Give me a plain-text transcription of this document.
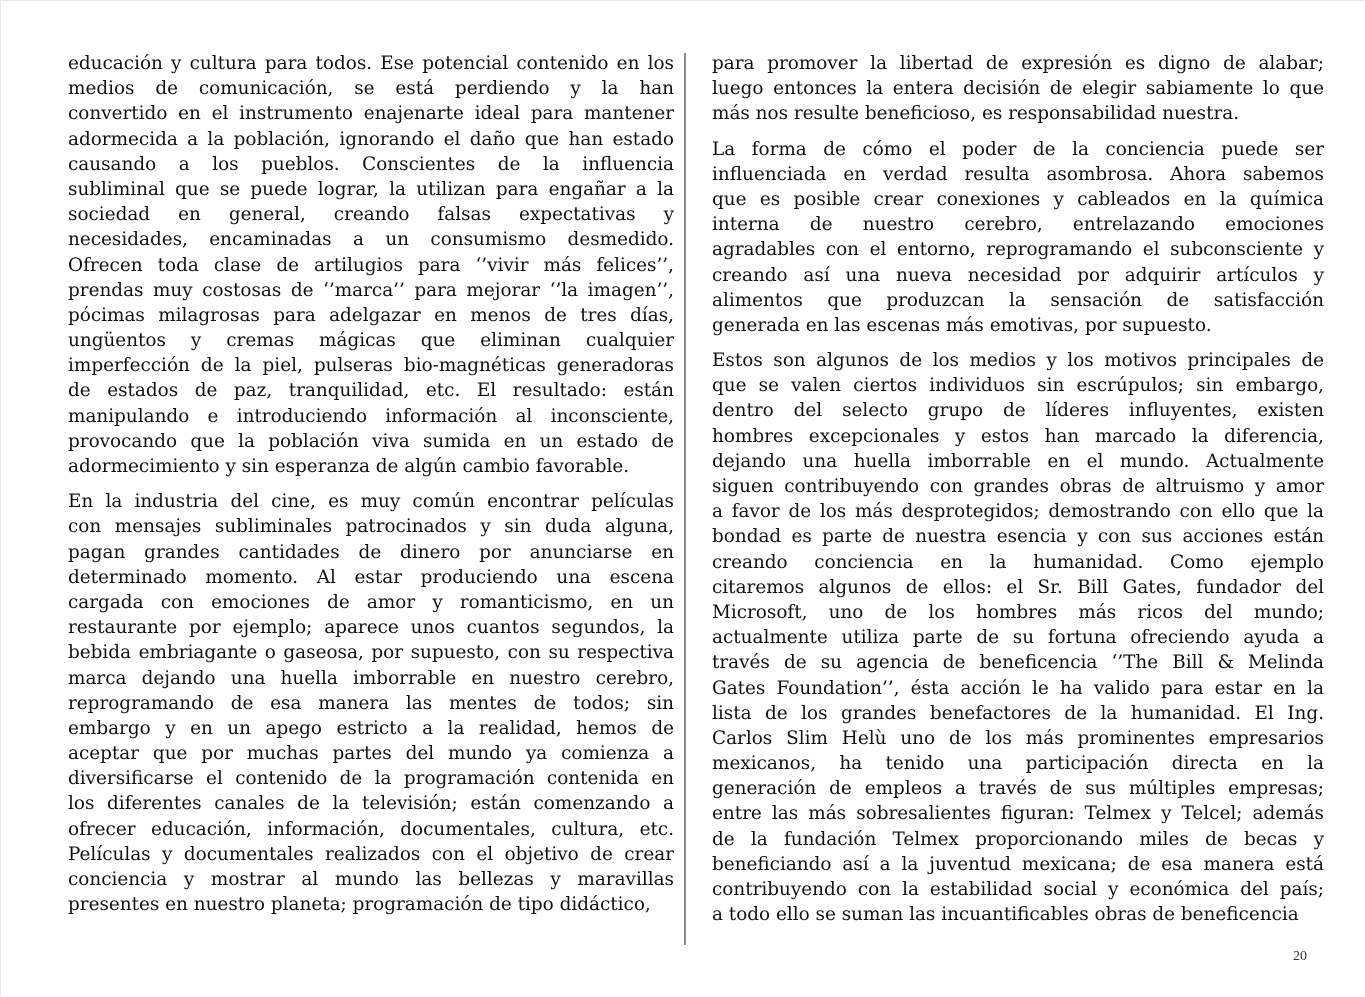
educación y cultura para todos. Ese potencial contenido en los
medios de comunicación, se está perdiendo y la han
convertido en el instrumento enajenarte ideal para mantener
adormecida a la población, ignorando el daño que han estado
causando a los pueblos. Conscientes de la influencia
subliminal que se puede lograr, la utilizan para engañar a la
sociedad en general, creando falsas expectativas y
necesidades, encaminadas a un consumismo desmedido.
Ofrecen toda clase de artilugios para ‘’vivir más felices’’,
prendas muy costosas de ‘’marca’’ para mejorar ‘’la imagen’’,
pócimas milagrosas para adelgazar en menos de tres días,
ungüentos y cremas mágicas que eliminan cualquier
imperfección de la piel, pulseras bio-magnéticas generadoras
de estados de paz, tranquilidad, etc. El resultado: están
manipulando e introduciendo información al inconsciente,
provocando que la población viva sumida en un estado de
adormecimiento y sin esperanza de algún cambio favorable.
En la industria del cine, es muy común encontrar películas
con mensajes subliminales patrocinados y sin duda alguna,
pagan grandes cantidades de dinero por anunciarse en
determinado momento. Al estar produciendo una escena
cargada con emociones de amor y romanticismo, en un
restaurante por ejemplo; aparece unos cuantos segundos, la
bebida embriagante o gaseosa, por supuesto, con su respectiva
marca dejando una huella imborrable en nuestro cerebro,
reprogramando de esa manera las mentes de todos; sin
embargo y en un apego estricto a la realidad, hemos de
aceptar que por muchas partes del mundo ya comienza a
diversificarse el contenido de la programación contenida en
los diferentes canales de la televisión; están comenzando a
ofrecer educación, información, documentales, cultura, etc.
Películas y documentales realizados con el objetivo de crear
conciencia y mostrar al mundo las bellezas y maravillas
presentes en nuestro planeta; programación de tipo didáctico,
para promover la libertad de expresión es digno de alabar;
luego entonces la entera decisión de elegir sabiamente lo que
más nos resulte beneficioso, es responsabilidad nuestra.
La forma de cómo el poder de la conciencia puede ser
influenciada en verdad resulta asombrosa. Ahora sabemos
que es posible crear conexiones y cableados en la química
interna de nuestro cerebro, entrelazando emociones
agradables con el entorno, reprogramando el subconsciente y
creando así una nueva necesidad por adquirir artículos y
alimentos que produzcan la sensación de satisfacción
generada en las escenas más emotivas, por supuesto.
Estos son algunos de los medios y los motivos principales de
que se valen ciertos individuos sin escrúpulos; sin embargo,
dentro del selecto grupo de líderes influyentes, existen
hombres excepcionales y estos han marcado la diferencia,
dejando una huella imborrable en el mundo. Actualmente
siguen contribuyendo con grandes obras de altruismo y amor
a favor de los más desprotegidos; demostrando con ello que la
bondad es parte de nuestra esencia y con sus acciones están
creando conciencia en la humanidad. Como ejemplo
citaremos algunos de ellos: el Sr. Bill Gates, fundador del
Microsoft, uno de los hombres más ricos del mundo;
actualmente utiliza parte de su fortuna ofreciendo ayuda a
través de su agencia de beneficencia ‘’The Bill & Melinda
Gates Foundation’’, ésta acción le ha valido para estar en la
lista de los grandes benefactores de la humanidad. El Ing.
Carlos Slim Helù uno de los más prominentes empresarios
mexicanos, ha tenido una participación directa en la
generación de empleos a través de sus múltiples empresas;
entre las más sobresalientes figuran: Telmex y Telcel; además
de la fundación Telmex proporcionando miles de becas y
beneficiando así a la juventud mexicana; de esa manera está
contribuyendo con la estabilidad social y económica del país;
a todo ello se suman las incuantificables obras de beneficencia
20
